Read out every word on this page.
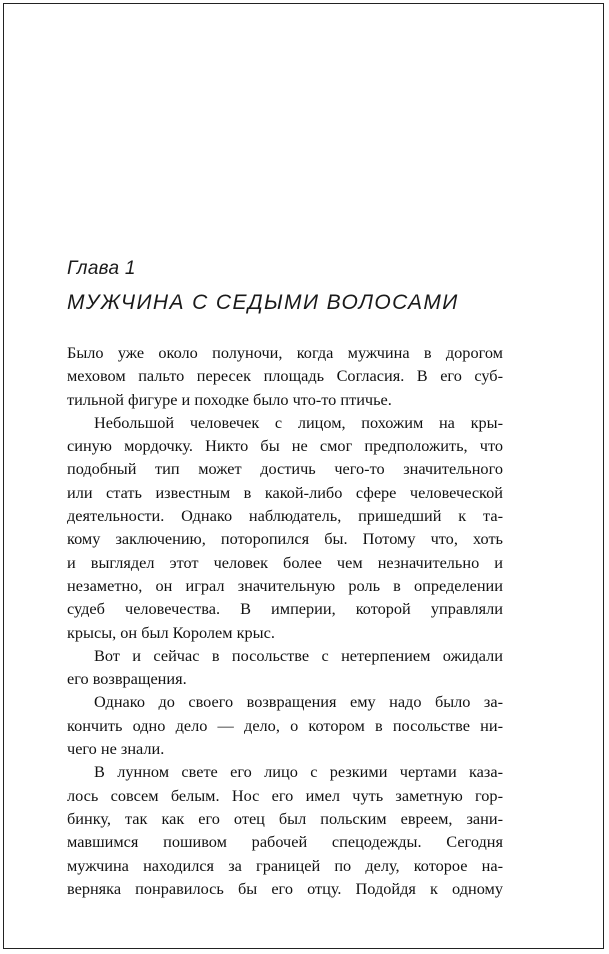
Глава 1
МУЖЧИНА С СЕДЫМИ ВОЛОСАМИ
Было уже около полуночи, когда мужчина в дорогом
меховом пальто пересек площадь Согласия. В его суб-
тильной фигуре и походке было что-то птичье.
Небольшой человечек с лицом, похожим на кры-
синую мордочку. Никто бы не смог предположить, что
подобный тип может достичь чего-то значительного
или стать известным в какой-либо сфере человеческой
деятельности. Однако наблюдатель, пришедший к та-
кому заключению, поторопился бы. Потому что, хоть
и выглядел этот человек более чем незначительно и
незаметно, он играл значительную роль в определении
судеб человечества. В империи, которой управляли
крысы, он был Королем крыс.
Вот и сейчас в посольстве с нетерпением ожидали
его возвращения.
Однако до своего возвращения ему надо было за-
кончить одно дело — дело, о котором в посольстве ни-
чего не знали.
В лунном свете его лицо с резкими чертами каза-
лось совсем белым. Нос его имел чуть заметную гор-
бинку, так как его отец был польским евреем, зани-
мавшимся пошивом рабочей спецодежды. Сегодня
мужчина находился за границей по делу, которое на-
верняка понравилось бы его отцу. Подойдя к одному
